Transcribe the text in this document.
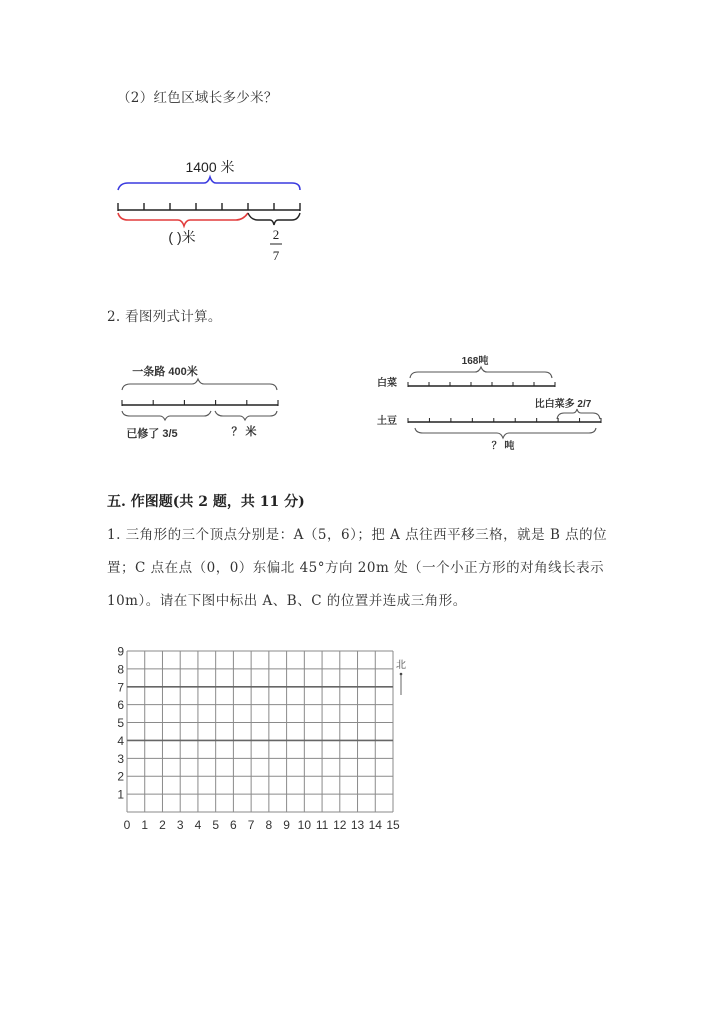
（2）红色区域长多少米？
1400 米
( )米	2
7
2. 看图列式计算。
一条路 400米
已修了 3/5	？ 米
168吨
白菜
比白菜多 2/7
土豆
？ 吨
五. 作图题(共 2 题，共 11 分)
1. 三角形的三个顶点分别是：A（5，6）；把 A 点往西平移三格，就是 B 点的位
置；C 点在点（0，0）东偏北 45°方向 20m 处（一个小正方形的对角线长表示
10m）。请在下图中标出 A、B、C 的位置并连成三角形。
0 1 2 3 4 5 6 7 8 9 10 11 12 13 14 15
1
2
3
4
5
6
7
8
9
北
